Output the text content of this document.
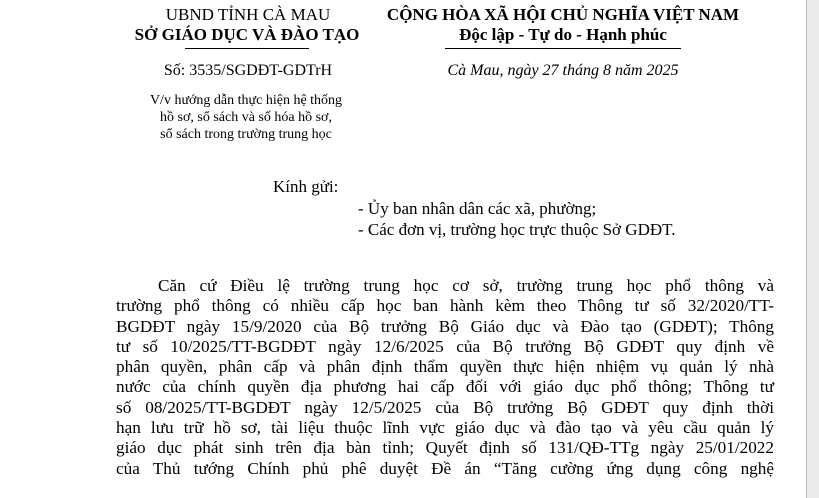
UBND TỈNH CÀ MAU
SỞ GIÁO DỤC VÀ ĐÀO TẠO
CỘNG HÒA XÃ HỘI CHỦ NGHĨA VIỆT NAM
Độc lập - Tự do - Hạnh phúc
Số: 3535/SGDĐT-GDTrH	Cà Mau, ngày 27 tháng 8 năm 2025
V/v hướng dẫn thực hiện hệ thống
hồ sơ, sổ sách và số hóa hồ sơ,
sổ sách trong trường trung học
Kính gửi:
- Ủy ban nhân dân các xã, phường;
- Các đơn vị, trường học trực thuộc Sở GDĐT.
Căn cứ Điều lệ trường trung học cơ sở, trường trung học phổ thông và
trường phổ thông có nhiều cấp học ban hành kèm theo Thông tư số 32/2020/TT-
BGDĐT ngày 15/9/2020 của Bộ trưởng Bộ Giáo dục và Đào tạo (GDĐT); Thông
tư số 10/2025/TT-BGDĐT ngày 12/6/2025 của Bộ trưởng Bộ GDĐT quy định về
phân quyền, phân cấp và phân định thẩm quyền thực hiện nhiệm vụ quản lý nhà
nước của chính quyền địa phương hai cấp đối với giáo dục phổ thông; Thông tư
số 08/2025/TT-BGDĐT ngày 12/5/2025 của Bộ trưởng Bộ GDĐT quy định thời
hạn lưu trữ hồ sơ, tài liệu thuộc lĩnh vực giáo dục và đào tạo và yêu cầu quản lý
giáo dục phát sinh trên địa bàn tỉnh; Quyết định số 131/QĐ-TTg ngày 25/01/2022
của Thủ tướng Chính phủ phê duyệt Đề án “Tăng cường ứng dụng công nghệ
